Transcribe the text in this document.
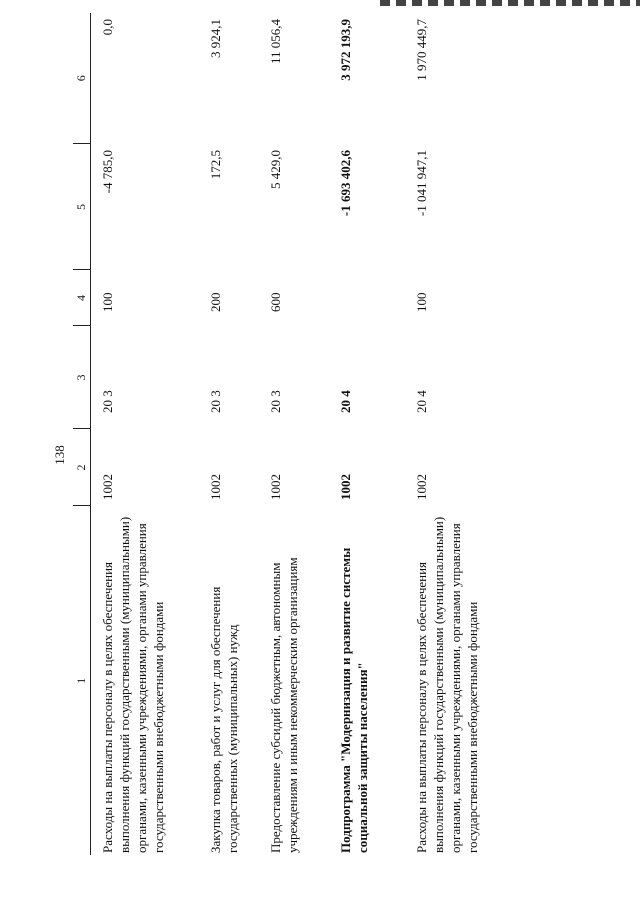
138
1	2	3	4	5	6
Расходы на выплаты персоналу в целях обеспечения выполнения функций государственными (муниципальными) органами, казенными учреждениями, органами управления государственными внебюджетными фондами	1002	20 3	100	-4 785,0	0,0
Закупка товаров, работ и услуг для обеспечения государственных (муниципальных) нужд	1002	20 3	200	172,5	3 924,1
Предоставление субсидий бюджетным, автономным учреждениям и иным некоммерческим организациям	1002	20 3	600	5 429,0	11 056,4
Подпрограмма "Модернизация и развитие системы социальной защиты населения"	1002	20 4		-1 693 402,6	3 972 193,9
Расходы на выплаты персоналу в целях обеспечения выполнения функций государственными (муниципальными) органами, казенными учреждениями, органами управления государственными внебюджетными фондами	1002	20 4	100	-1 041 947,1	1 970 449,7
